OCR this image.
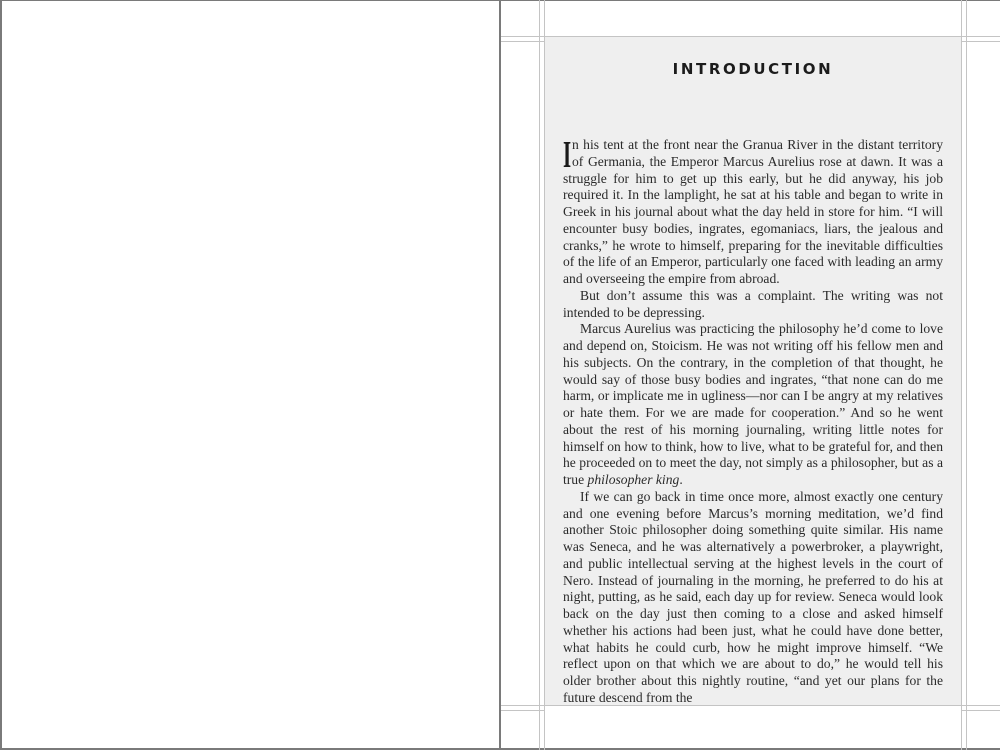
INTRODUCTION

In his tent at the front near the Granua River in the distant territory of Germania, the Emperor Marcus Aurelius rose at dawn. It was a struggle for him to get up this early, but he did anyway, his job required it. In the lamplight, he sat at his table and began to write in Greek in his journal about what the day held in store for him. “I will encounter busy bodies, ingrates, egomaniacs, liars, the jealous and cranks,” he wrote to himself, preparing for the inevitable difficulties of the life of an Emperor, particularly one faced with leading an army and overseeing the empire from abroad.

But don’t assume this was a complaint. The writing was not intended to be depressing.

Marcus Aurelius was practicing the philosophy he’d come to love and depend on, Stoicism. He was not writing off his fellow men and his subjects. On the contrary, in the completion of that thought, he would say of those busy bodies and ingrates, “that none can do me harm, or implicate me in ugliness—nor can I be angry at my relatives or hate them. For we are made for cooperation.” And so he went about the rest of his morning journaling, writing little notes for himself on how to think, how to live, what to be grateful for, and then he proceeded on to meet the day, not simply as a philosopher, but as a true philosopher king.

If we can go back in time once more, almost exactly one century and one evening before Marcus’s morning meditation, we’d find another Stoic philosopher doing something quite similar. His name was Seneca, and he was alternatively a powerbroker, a playwright, and public intellectual serving at the highest levels in the court of Nero. Instead of journaling in the morning, he preferred to do his at night, putting, as he said, each day up for review. Seneca would look back on the day just then coming to a close and asked himself whether his actions had been just, what he could have done better, what habits he could curb, how he might improve himself. “We reflect upon on that which we are about to do,” he would tell his older brother about this nightly routine, “and yet our plans for the future descend from the
